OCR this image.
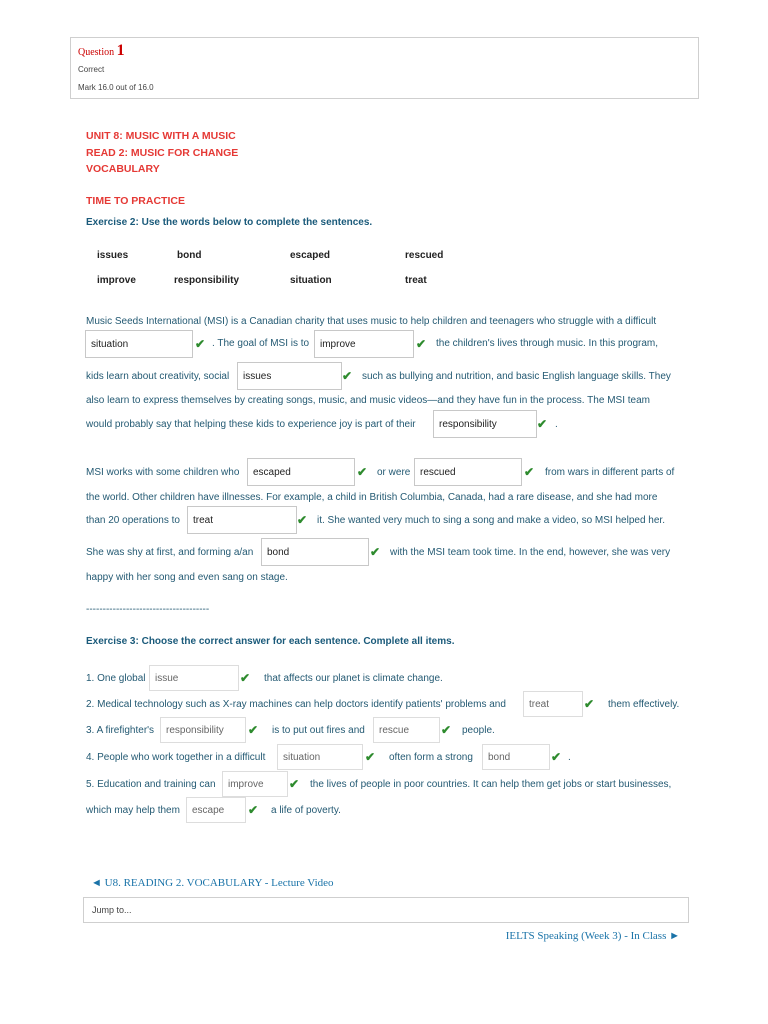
Question 1
Correct
Mark 16.0 out of 16.0
UNIT 8: MUSIC WITH A MUSIC
READ 2: MUSIC FOR CHANGE
VOCABULARY
TIME TO PRACTICE
Exercise 2: Use the words below to complete the sentences.
issues	bond	escaped	rescued
improve	responsibility	situation	treat
Music Seeds International (MSI) is a Canadian charity that uses music to help children and teenagers who struggle with a difficult
situation	✔ . The goal of MSI is to	improve	✔ the children's lives through music. In this program,
kids learn about creativity, social	issues	✔ such as bullying and nutrition, and basic English language skills. They
also learn to express themselves by creating songs, music, and music videos—and they have fun in the process. The MSI team
would probably say that helping these kids to experience joy is part of their	responsibility	✔ .
MSI works with some children who	escaped	✔ or were rescued	✔ from wars in different parts of
the world. Other children have illnesses. For example, a child in British Columbia, Canada, had a rare disease, and she had more
than 20 operations to	treat	✔ it. She wanted very much to sing a song and make a video, so MSI helped her.
She was shy at first, and forming a/an	bond	✔ with the MSI team took time. In the end, however, she was very
happy with her song and even sang on stage.
-------------------------------------
Exercise 3: Choose the correct answer for each sentence. Complete all items.
1. One global issue	✔ that affects our planet is climate change.
2. Medical technology such as X-ray machines can help doctors identify patients' problems and	treat	✔ them effectively.
3. A firefighter's	responsibility	✔ is to put out fires and	rescue	✔ people.
4. People who work together in a difficult	situation	✔ often form a strong	bond	✔ .
5. Education and training can	improve	✔ the lives of people in poor countries. It can help them get jobs or start businesses,
which may help them	escape	✔ a life of poverty.
◄ U8. READING 2. VOCABULARY - Lecture Video
Jump to...
IELTS Speaking (Week 3) - In Class ►
